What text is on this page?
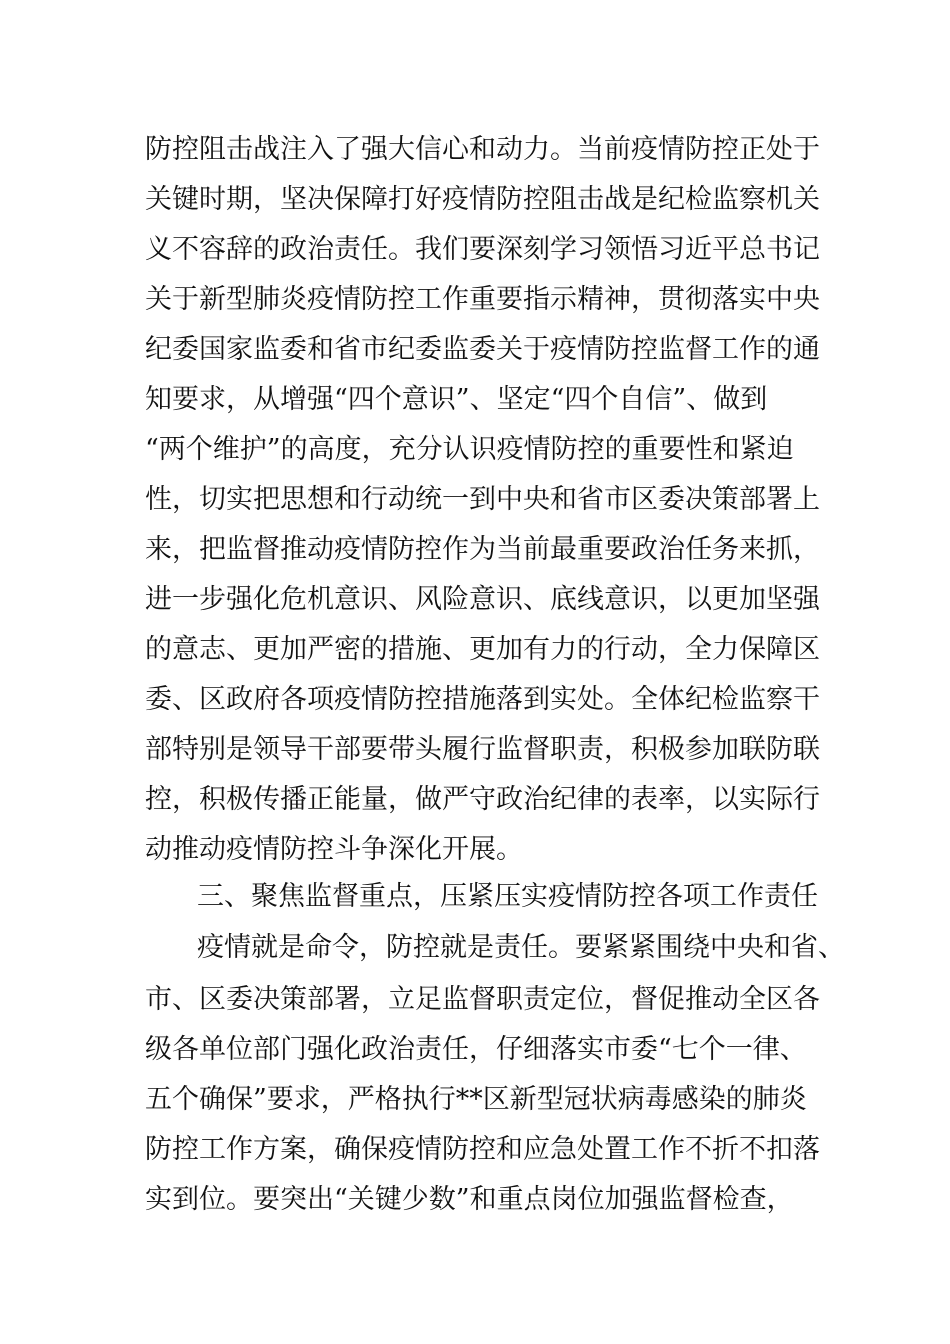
防控阻击战注入了强大信心和动力。当前疫情防控正处于
关键时期，坚决保障打好疫情防控阻击战是纪检监察机关
义不容辞的政治责任。我们要深刻学习领悟习近平总书记
关于新型肺炎疫情防控工作重要指示精神，贯彻落实中央
纪委国家监委和省市纪委监委关于疫情防控监督工作的通
知要求，从增强“四个意识”、坚定“四个自信”、做到
“两个维护”的高度，充分认识疫情防控的重要性和紧迫
性，切实把思想和行动统一到中央和省市区委决策部署上
来，把监督推动疫情防控作为当前最重要政治任务来抓，
进一步强化危机意识、风险意识、底线意识，以更加坚强
的意志、更加严密的措施、更加有力的行动，全力保障区
委、区政府各项疫情防控措施落到实处。全体纪检监察干
部特别是领导干部要带头履行监督职责，积极参加联防联
控，积极传播正能量，做严守政治纪律的表率，以实际行
动推动疫情防控斗争深化开展。
三、聚焦监督重点，压紧压实疫情防控各项工作责任
疫情就是命令，防控就是责任。要紧紧围绕中央和省、
市、区委决策部署，立足监督职责定位，督促推动全区各
级各单位部门强化政治责任，仔细落实市委“七个一律、
五个确保”要求，严格执行**区新型冠状病毒感染的肺炎
防控工作方案，确保疫情防控和应急处置工作不折不扣落
实到位。要突出“关键少数”和重点岗位加强监督检查，
